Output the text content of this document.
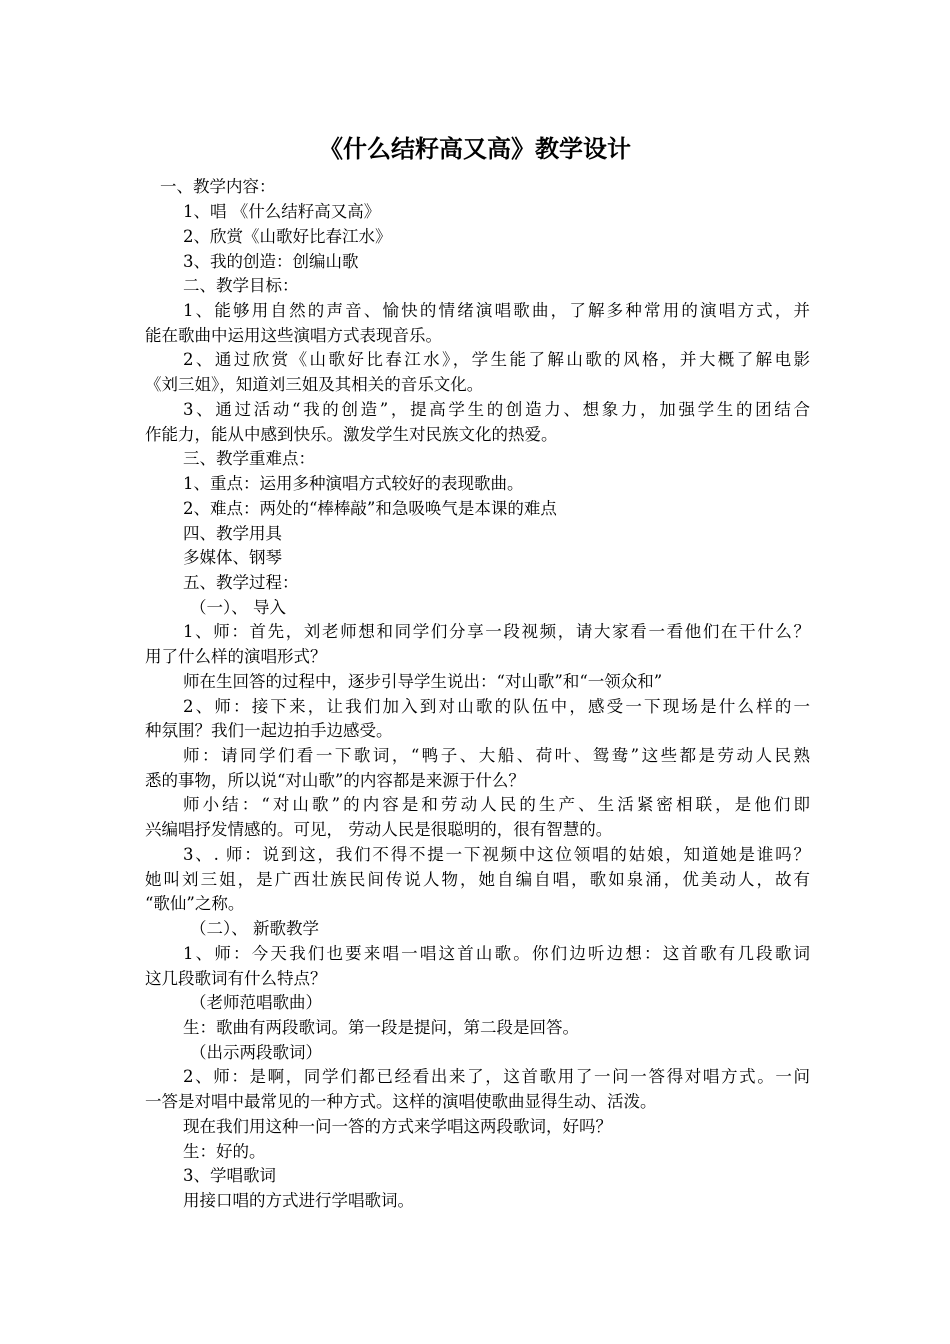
《什么结籽高又高》教学设计
一、教学内容：
1、唱 《什么结籽高又高》
2、欣赏《山歌好比春江水》
3、我的创造：创编山歌
二、教学目标：
1、能够用自然的声音、愉快的情绪演唱歌曲，了解多种常用的演唱方式，并
能在歌曲中运用这些演唱方式表现音乐。
2、通过欣赏《山歌好比春江水》，学生能了解山歌的风格，并大概了解电影
《刘三姐》，知道刘三姐及其相关的音乐文化。
3、通过活动“我的创造”，提高学生的创造力、想象力，加强学生的团结合
作能力，能从中感到快乐。激发学生对民族文化的热爱。
三、教学重难点：
1、重点：运用多种演唱方式较好的表现歌曲。
2、难点：两处的“棒棒敲”和急吸唤气是本课的难点
四、教学用具
多媒体、钢琴
五、教学过程：
（一）、 导入
1、师：首先，刘老师想和同学们分享一段视频，请大家看一看他们在干什么？
用了什么样的演唱形式？
师在生回答的过程中，逐步引导学生说出：“对山歌”和“一领众和”
2、师：接下来，让我们加入到对山歌的队伍中，感受一下现场是什么样的一
种氛围？我们一起边拍手边感受。
师：请同学们看一下歌词，“鸭子、大船、荷叶、鸳鸯”这些都是劳动人民熟
悉的事物，所以说“对山歌”的内容都是来源于什么？
师小结：“对山歌”的内容是和劳动人民的生产、生活紧密相联，是他们即
兴编唱抒发情感的。可见， 劳动人民是很聪明的，很有智慧的。
3、. 师：说到这，我们不得不提一下视频中这位领唱的姑娘，知道她是谁吗？
她叫刘三姐，是广西壮族民间传说人物，她自编自唱，歌如泉涌，优美动人，故有
“歌仙”之称。
（二）、 新歌教学
1、师：今天我们也要来唱一唱这首山歌。你们边听边想：这首歌有几段歌词
这几段歌词有什么特点？
（老师范唱歌曲）
生：歌曲有两段歌词。第一段是提问，第二段是回答。
（出示两段歌词）
2、师：是啊，同学们都已经看出来了，这首歌用了一问一答得对唱方式。一问
一答是对唱中最常见的一种方式。这样的演唱使歌曲显得生动、活泼。
现在我们用这种一问一答的方式来学唱这两段歌词，好吗？
生：好的。
3、学唱歌词
用接口唱的方式进行学唱歌词。
